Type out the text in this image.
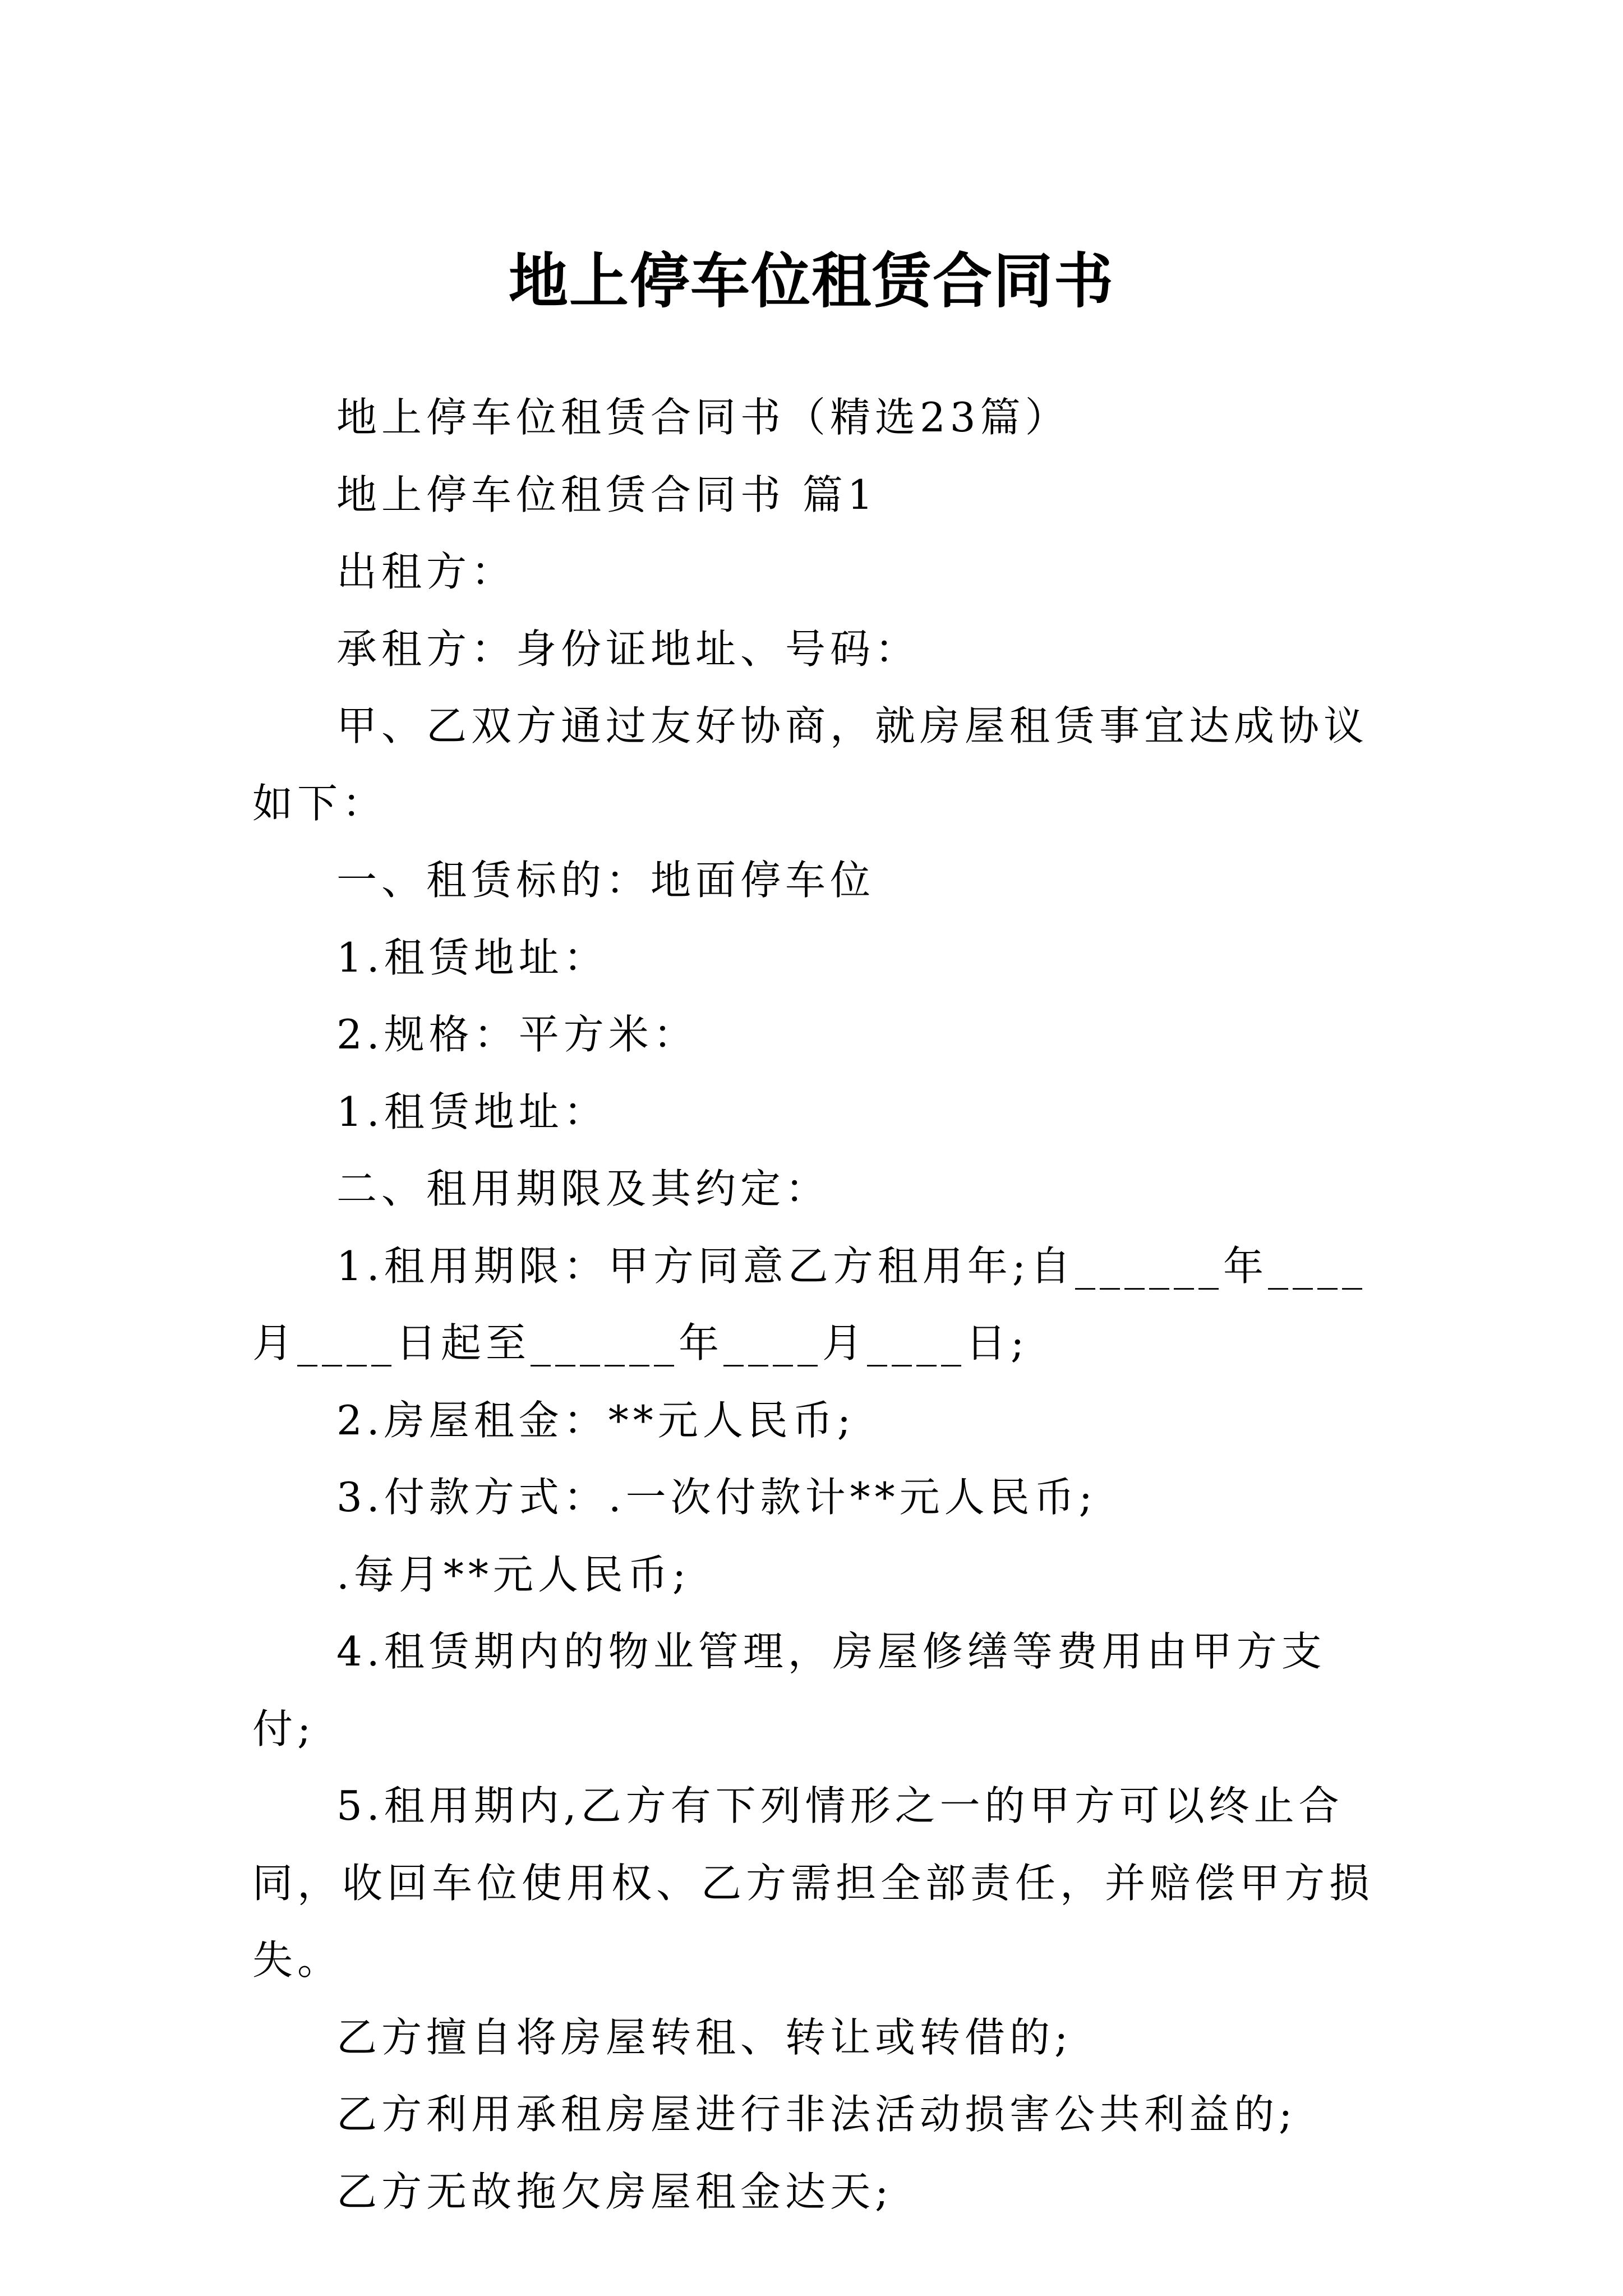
地上停车位租赁合同书

地上停车位租赁合同书（精选23篇）

地上停车位租赁合同书 篇1

出租方：

承租方：身份证地址、号码：

甲、乙双方通过友好协商，就房屋租赁事宜达成协议如下：

一、租赁标的：地面停车位

1.租赁地址：

2.规格：平方米：

1.租赁地址：

二、租用期限及其约定：

1.租用期限：甲方同意乙方租用年;自______年____月____日起至______年____月____日;

2.房屋租金：**元人民币;

3.付款方式：.一次付款计**元人民币;

.每月**元人民币;

4.租赁期内的物业管理，房屋修缮等费用由甲方支付;

5.租用期内,乙方有下列情形之一的甲方可以终止合同，收回车位使用权、乙方需担全部责任，并赔偿甲方损失。

乙方擅自将房屋转租、转让或转借的;

乙方利用承租房屋进行非法活动损害公共利益的;

乙方无故拖欠房屋租金达天;
